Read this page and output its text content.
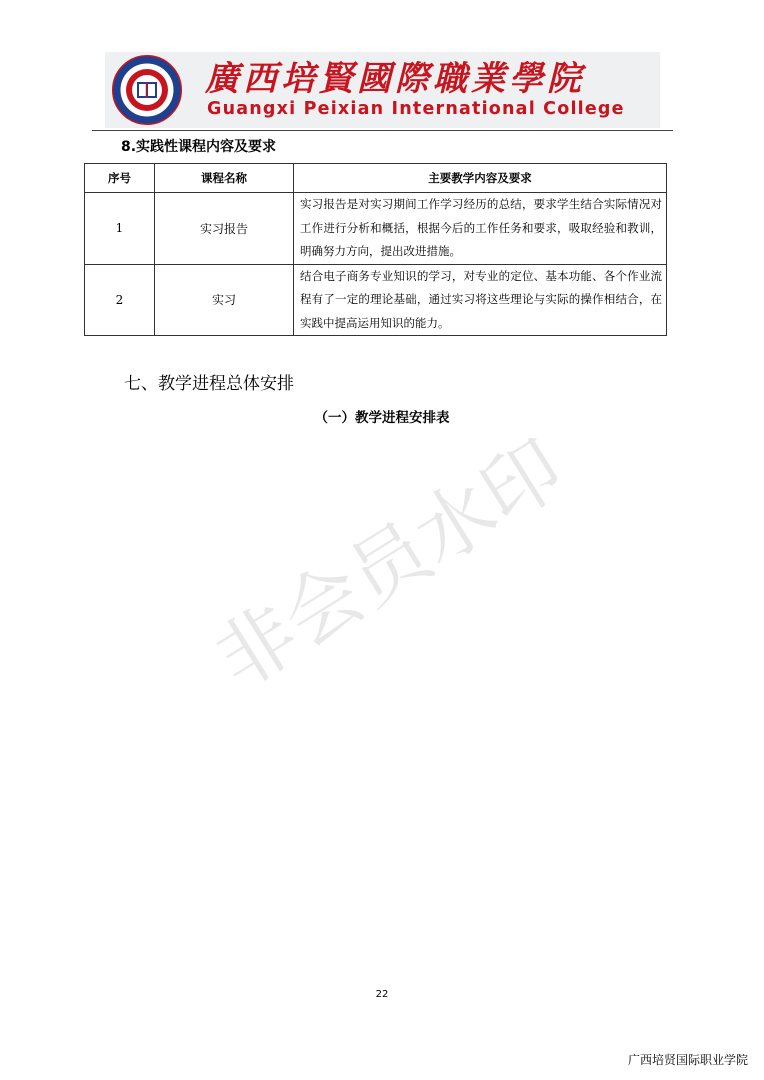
廣西培賢國際職業學院
Guangxi Peixian International College
8.实践性课程内容及要求
序号	课程名称	主要教学内容及要求
1	实习报告	实习报告是对实习期间工作学习经历的总结，要求学生结合实际情况对工作进行分析和概括，根据今后的工作任务和要求，吸取经验和教训，明确努力方向，提出改进措施。
2	实习	结合电子商务专业知识的学习，对专业的定位、基本功能、各个作业流程有了一定的理论基础，通过实习将这些理论与实际的操作相结合，在实践中提高运用知识的能力。
七、教学进程总体安排
（一）教学进程安排表
非会员水印
22
广西培贤国际职业学院
